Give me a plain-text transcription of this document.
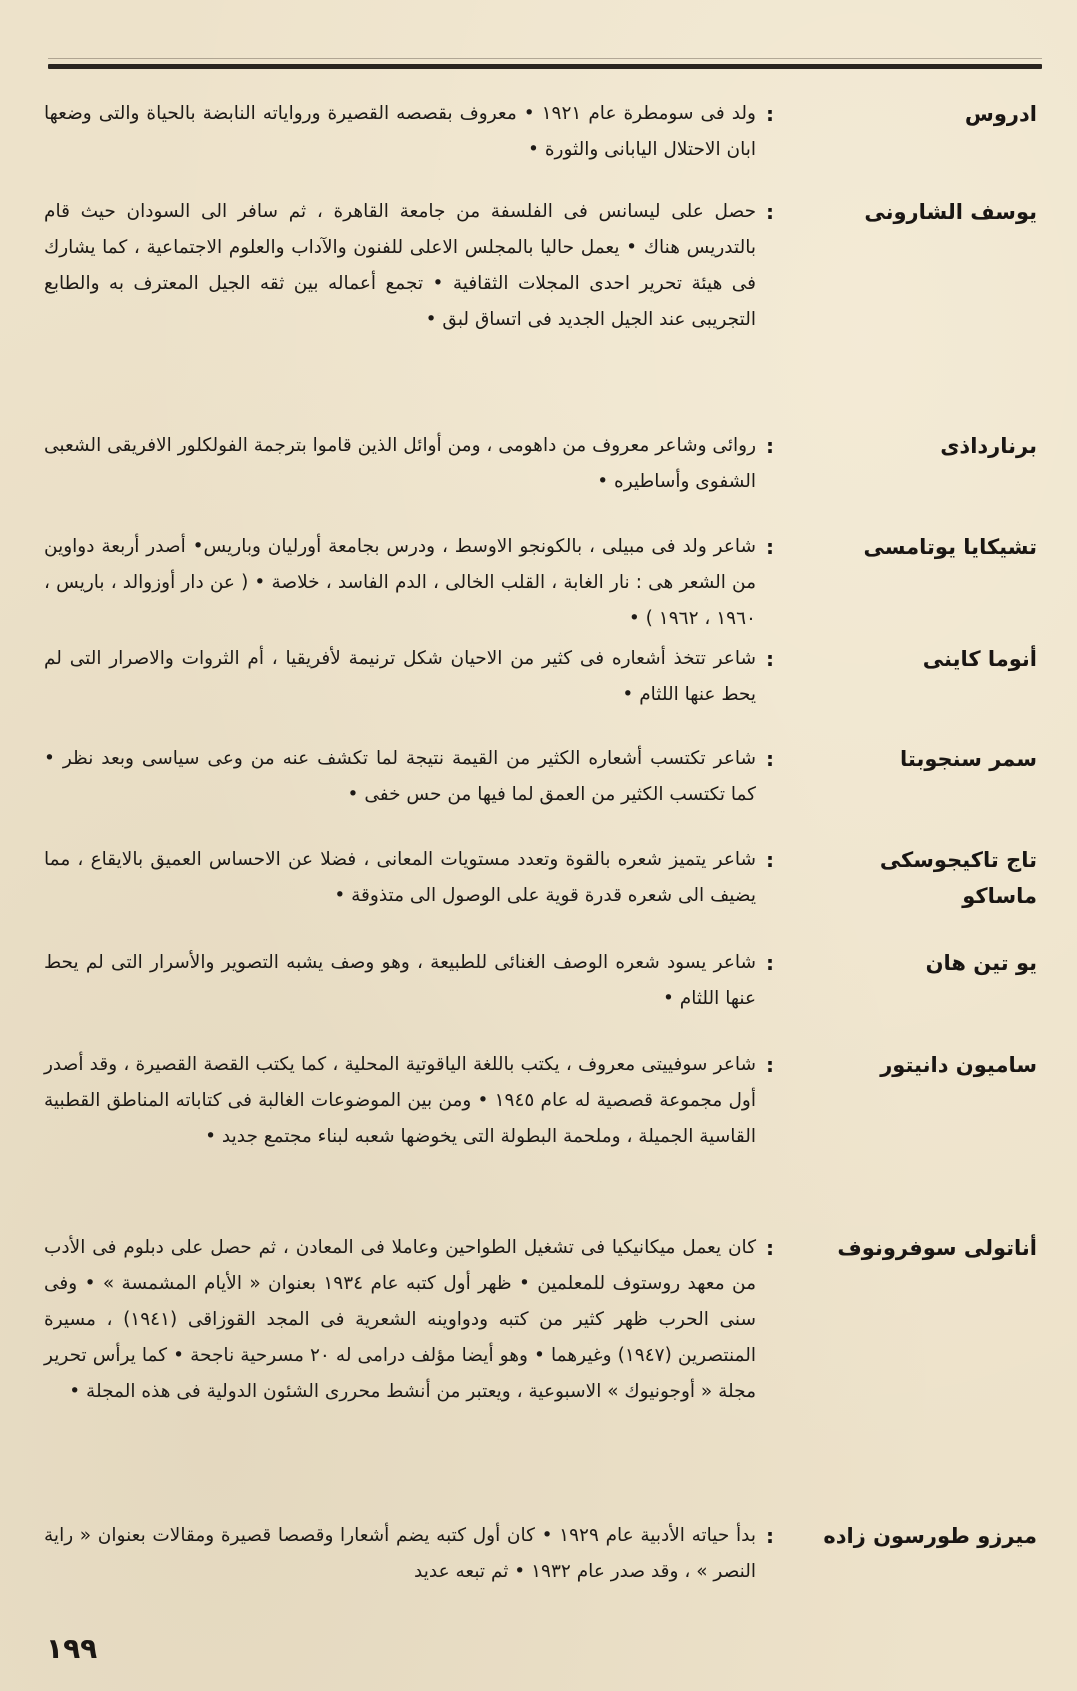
ادروس
:
ولد فى سومطرة عام ١٩٢١ • معروف بقصصه القصيرة ورواياته النابضة بالحياة والتى وضعها ابان الاحتلال اليابانى والثورة •
يوسف الشارونى
:
حصل على ليسانس فى الفلسفة من جامعة القاهرة ، ثم سافر الى السودان حيث قام بالتدريس هناك • يعمل حاليا بالمجلس الاعلى للفنون والآداب والعلوم الاجتماعية ، كما يشارك فى هيئة تحرير احدى المجلات الثقافية • تجمع أعماله بين ثقه الجيل المعترف به والطابع التجريبى عند الجيل الجديد فى اتساق لبق •
برنارداذى
:
روائى وشاعر معروف من داهومى ، ومن أوائل الذين قاموا بترجمة الفولكلور الافريقى الشعبى الشفوى وأساطيره •
تشيكايا يوتامسى
:
شاعر ولد فى مبيلى ، بالكونجو الاوسط ، ودرس بجامعة أورليان وباريس• أصدر أربعة دواوين من الشعر هى : نار الغابة ، القلب الخالى ، الدم الفاسد ، خلاصة • ( عن دار أوزوالد ، باريس ، ١٩٦٠ ، ١٩٦٢ ) •
أنوما كاينى
:
شاعر تتخذ أشعاره فى كثير من الاحيان شكل ترنيمة لأفريقيا ، أم الثروات والاصرار التى لم يحط عنها اللثام •
سمر سنجوبتا
:
شاعر تكتسب أشعاره الكثير من القيمة نتيجة لما تكشف عنه من وعى سياسى وبعد نظر • كما تكتسب الكثير من العمق لما فيها من حس خفى •
تاج تاكيجوسكى
ماساكو
:
شاعر يتميز شعره بالقوة وتعدد مستويات المعانى ، فضلا عن الاحساس العميق بالايقاع ، مما يضيف الى شعره قدرة قوية على الوصول الى متذوقة •
يو تين هان
:
شاعر يسود شعره الوصف الغنائى للطبيعة ، وهو وصف يشبه التصوير والأسرار التى لم يحط عنها اللثام •
ساميون دانيتور
:
شاعر سوفييتى معروف ، يكتب باللغة الياقوتية المحلية ، كما يكتب القصة القصيرة ، وقد أصدر أول مجموعة قصصية له عام ١٩٤٥ • ومن بين الموضوعات الغالبة فى كتاباته المناطق القطبية القاسية الجميلة ، وملحمة البطولة التى يخوضها شعبه لبناء مجتمع جديد •
أناتولى سوفرونوف
:
كان يعمل ميكانيكيا فى تشغيل الطواحين وعاملا فى المعادن ، ثم حصل على دبلوم فى الأدب من معهد روستوف للمعلمين • ظهر أول كتبه عام ١٩٣٤ بعنوان « الأيام المشمسة » • وفى سنى الحرب ظهر كثير من كتبه ودواوينه الشعرية فى المجد القوزاقى (١٩٤١) ، مسيرة المنتصرين (١٩٤٧) وغيرهما • وهو أيضا مؤلف درامى له ٢٠ مسرحية ناجحة • كما يرأس تحرير مجلة « أوجونيوك » الاسبوعية ، ويعتبر من أنشط محررى الشئون الدولية فى هذه المجلة •
ميرزو طورسون زاده
:
بدأ حياته الأدبية عام ١٩٢٩ • كان أول كتبه يضم أشعارا وقصصا قصيرة ومقالات بعنوان « راية النصر » ، وقد صدر عام ١٩٣٢ • ثم تبعه عديد
١٩٩
